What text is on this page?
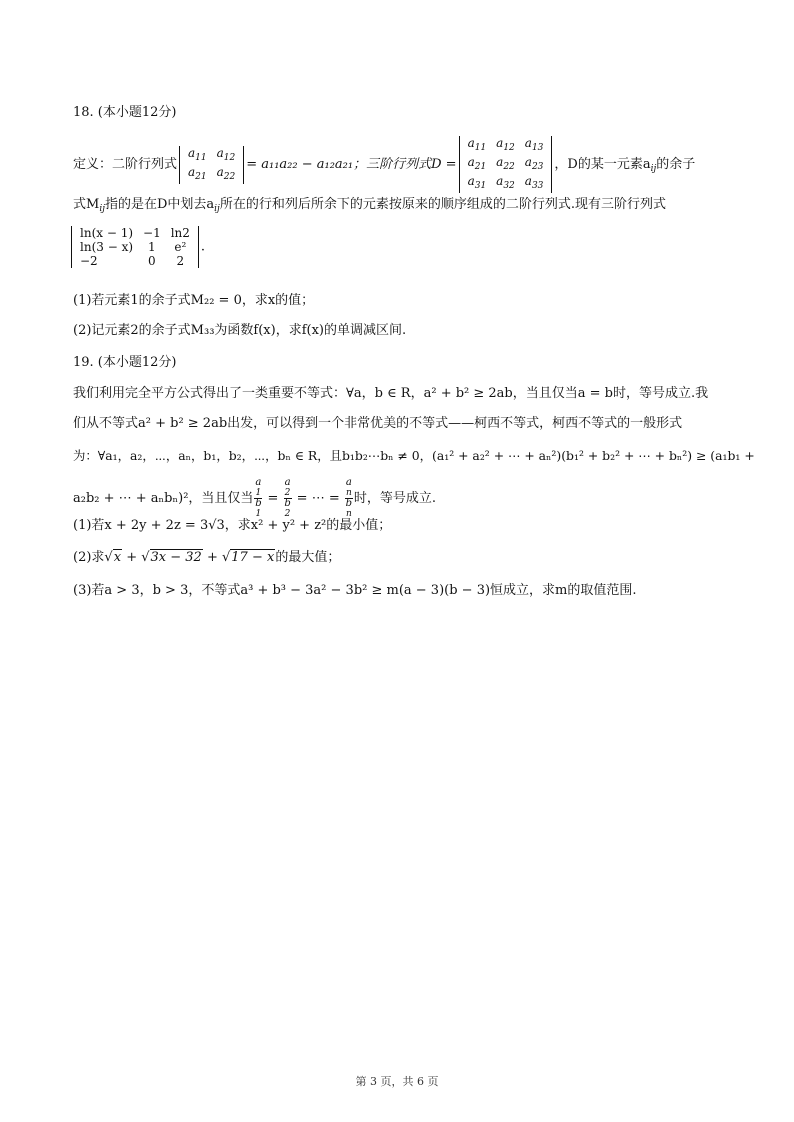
18. (本小题12分)
定义：二阶行列式
$a_{11}$	$a_{12}$
$a_{21}$	$a_{22}$
= a₁₁a₂₂ − a₁₂a₂₁；三阶行列式D =
$a_{11}$	$a_{12}$	$a_{13}$
$a_{21}$	$a_{22}$	$a_{23}$
$a_{31}$	$a_{32}$	$a_{33}$
，D的某一元素$a_{ij}$的余子
式$M_{ij}$指的是在D中划去$a_{ij}$所在的行和列后所余下的元素按原来的顺序组成的二阶行列式.现有三阶行列式
ln(x − 1)	−1	ln2
ln(3 − x)	1	e²
−2	0	2
.
(1)若元素1的余子式M₂₂ = 0，求x的值；
(2)记元素2的余子式M₃₃为函数f(x)，求f(x)的单调减区间.
19. (本小题12分)
我们利用完全平方公式得出了一类重要不等式：∀a，b ∈ R，a² + b² ≥ 2ab，当且仅当a = b时，等号成立.我
们从不等式a² + b² ≥ 2ab出发，可以得到一个非常优美的不等式——柯西不等式，柯西不等式的一般形式
为：∀a₁，a₂，⋯，aₙ，b₁，b₂，⋯，bₙ ∈ R，且b₁b₂⋯bₙ ≠ 0，(a₁² + a₂² + ⋯ + aₙ²)(b₁² + b₂² + ⋯ + bₙ²) ≥ (a₁b₁ +
a₂b₂ + ⋯ + aₙbₙ)²，当且仅当 a
1
b
1 = a
2
b
2 = ⋯ = a
n
b
n 时，等号成立.
(1)若x + 2y + 2z = 3√3，求x² + y² + z²的最小值；
(2)求√x + √3x − 32 + √17 − x的最大值；
(3)若a > 3，b > 3，不等式a³ + b³ − 3a² − 3b² ≥ m(a − 3)(b − 3)恒成立，求m的取值范围.
第 3 页，共 6 页
